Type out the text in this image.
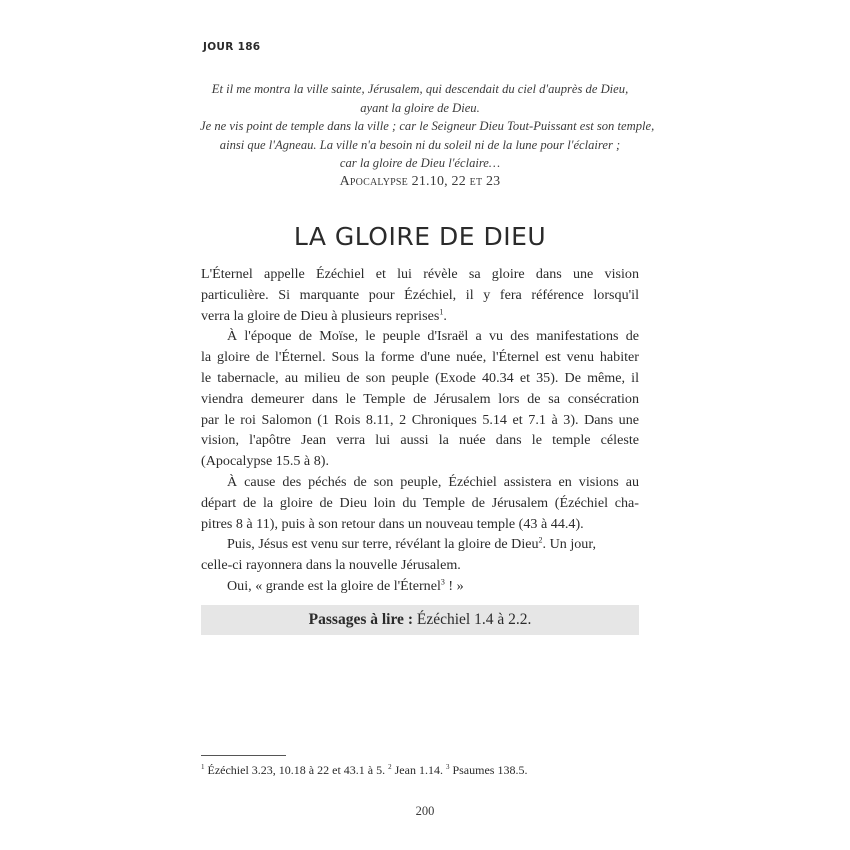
JOUR 186
Et il me montra la ville sainte, Jérusalem, qui descendait du ciel d'auprès de Dieu,
ayant la gloire de Dieu.
Je ne vis point de temple dans la ville ; car le Seigneur Dieu Tout-Puissant est son temple,
ainsi que l'Agneau. La ville n'a besoin ni du soleil ni de la lune pour l'éclairer ;
car la gloire de Dieu l'éclaire…
Apocalypse 21.10, 22 et 23
LA GLOIRE DE DIEU
L'Éternel appelle Ézéchiel et lui révèle sa gloire dans une vision
particulière. Si marquante pour Ézéchiel, il y fera référence lorsqu'il
verra la gloire de Dieu à plusieurs reprises$^1$.
À l'époque de Moïse, le peuple d'Israël a vu des manifestations de
la gloire de l'Éternel. Sous la forme d'une nuée, l'Éternel est venu habiter
le tabernacle, au milieu de son peuple (Exode 40.34 et 35). De même, il
viendra demeurer dans le Temple de Jérusalem lors de sa consécration
par le roi Salomon (1 Rois 8.11, 2 Chroniques 5.14 et 7.1 à 3). Dans une
vision, l'apôtre Jean verra lui aussi la nuée dans le temple céleste
(Apocalypse 15.5 à 8).
À cause des péchés de son peuple, Ézéchiel assistera en visions au
départ de la gloire de Dieu loin du Temple de Jérusalem (Ézéchiel cha-
pitres 8 à 11), puis à son retour dans un nouveau temple (43 à 44.4).
Puis, Jésus est venu sur terre, révélant la gloire de Dieu$^2$. Un jour,
celle-ci rayonnera dans la nouvelle Jérusalem.
Oui, « grande est la gloire de l'Éternel$^3$ ! »
Passages à lire : Ézéchiel 1.4 à 2.2.
$^1$ Ézéchiel 3.23, 10.18 à 22 et 43.1 à 5. $^2$ Jean 1.14. $^3$ Psaumes 138.5.
200
